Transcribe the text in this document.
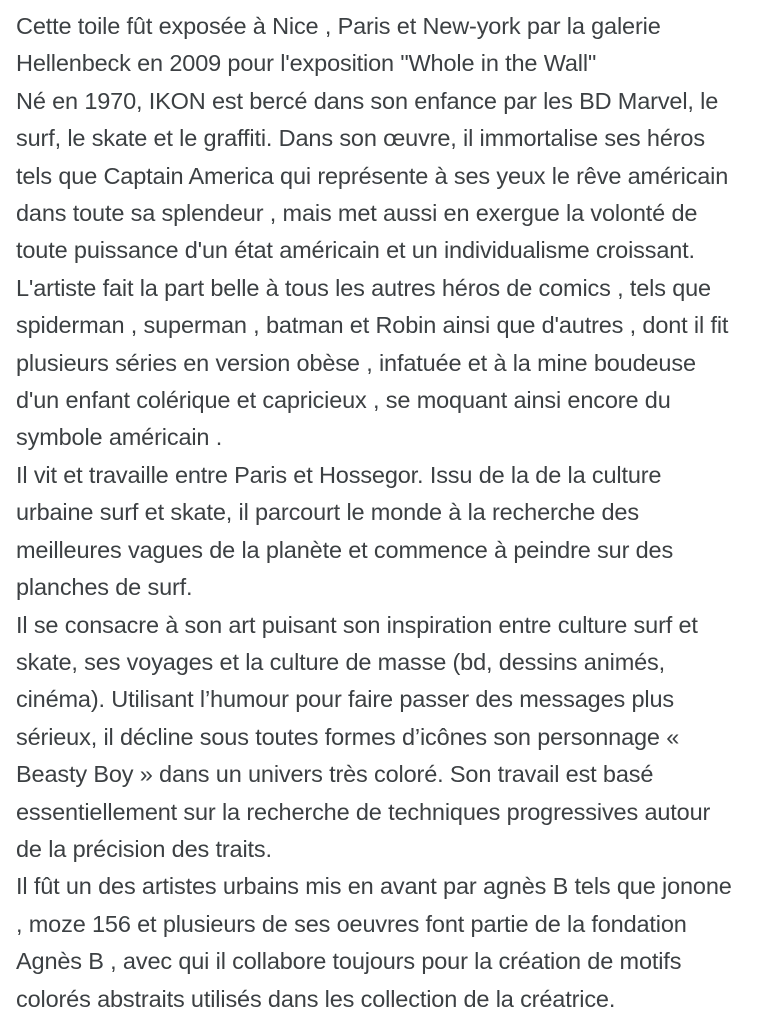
Cette toile fût exposée à Nice , Paris et New-york par la galerie
Hellenbeck en 2009 pour l'exposition "Whole in the Wall"
Né en 1970, IKON est bercé dans son enfance par les BD Marvel, le
surf, le skate et le graffiti. Dans son œuvre, il immortalise ses héros
tels que Captain America qui représente à ses yeux le rêve américain
dans toute sa splendeur , mais met aussi en exergue la volonté de
toute puissance d'un état américain et un individualisme croissant.
L'artiste fait la part belle à tous les autres héros de comics , tels que
spiderman , superman , batman et Robin ainsi que d'autres , dont il fit
plusieurs séries en version obèse , infatuée et à la mine boudeuse
d'un enfant colérique et capricieux , se moquant ainsi encore du
symbole américain .
Il vit et travaille entre Paris et Hossegor. Issu de la de la culture
urbaine surf et skate, il parcourt le monde à la recherche des
meilleures vagues de la planète et commence à peindre sur des
planches de surf.
Il se consacre à son art puisant son inspiration entre culture surf et
skate, ses voyages et la culture de masse (bd, dessins animés,
cinéma). Utilisant l’humour pour faire passer des messages plus
sérieux, il décline sous toutes formes d’icônes son personnage «
Beasty Boy » dans un univers très coloré. Son travail est basé
essentiellement sur la recherche de techniques progressives autour
de la précision des traits.
Il fût un des artistes urbains mis en avant par agnès B tels que jonone
, moze 156 et plusieurs de ses oeuvres font partie de la fondation
Agnès B , avec qui il collabore toujours pour la création de motifs
colorés abstraits utilisés dans les collection de la créatrice.
